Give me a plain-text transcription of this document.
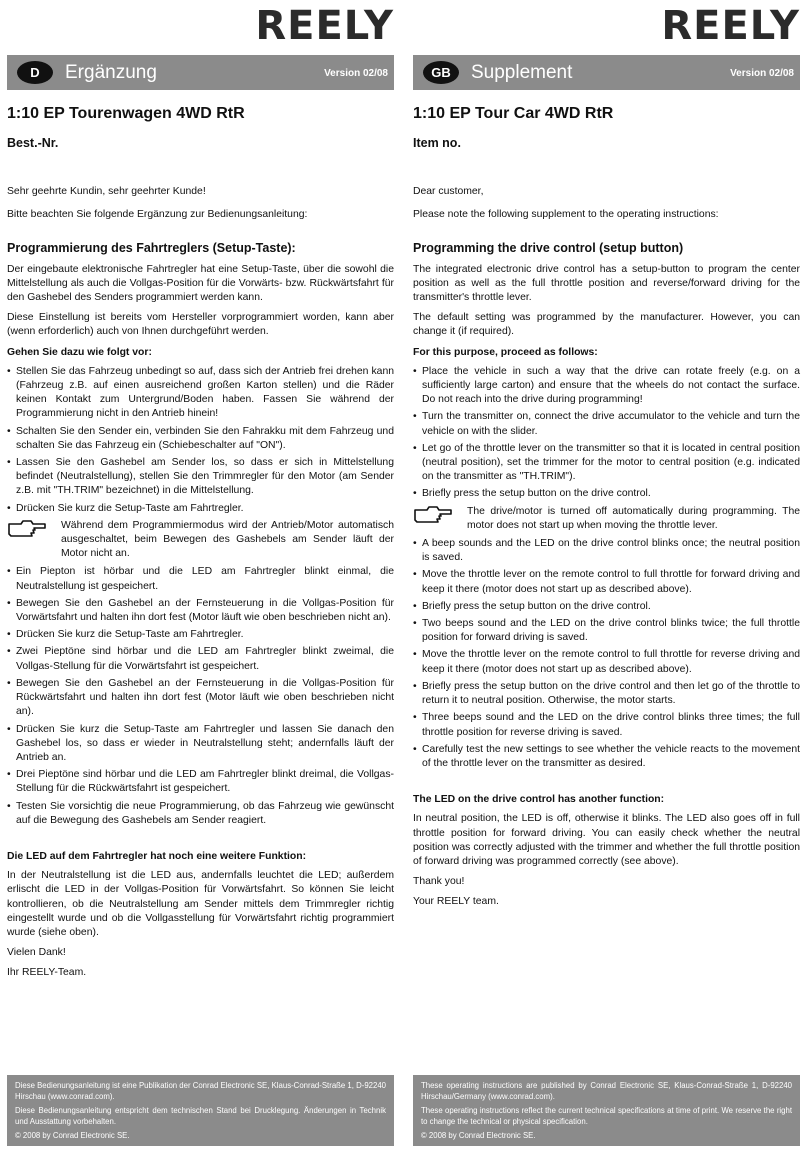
REELY
D	Ergänzung	Version 02/08
1:10 EP Tourenwagen 4WD RtR
Best.-Nr.

Sehr geehrte Kundin, sehr geehrter Kunde!

Bitte beachten Sie folgende Ergänzung zur Bedienungsanleitung:

Programmierung des Fahrtreglers (Setup-Taste):

Der eingebaute elektronische Fahrtregler hat eine Setup-Taste, über die sowohl die Mittelstellung als auch die Vollgas-Position für die Vorwärts- bzw. Rückwärtsfahrt für den Gashebel des Senders programmiert werden kann.

Diese Einstellung ist bereits vom Hersteller vorprogrammiert worden, kann aber (wenn erforderlich) auch von Ihnen durchgeführt werden.

Gehen Sie dazu wie folgt vor:
• Stellen Sie das Fahrzeug unbedingt so auf, dass sich der Antrieb frei drehen kann (Fahrzeug z.B. auf einen ausreichend großen Karton stellen) und die Räder keinen Kontakt zum Untergrund/Boden haben. Fassen Sie während der Programmierung nicht in den Antrieb hinein!
• Schalten Sie den Sender ein, verbinden Sie den Fahrakku mit dem Fahrzeug und schalten Sie das Fahrzeug ein (Schiebeschalter auf "ON").
• Lassen Sie den Gashebel am Sender los, so dass er sich in Mittelstellung befindet (Neutralstellung), stellen Sie den Trimmregler für den Motor (am Sender z.B. mit "TH.TRIM" bezeichnet) in die Mittelstellung.
• Drücken Sie kurz die Setup-Taste am Fahrtregler.
Während dem Programmiermodus wird der Antrieb/Motor automatisch ausgeschaltet, beim Bewegen des Gashebels am Sender läuft der Motor nicht an.
• Ein Piepton ist hörbar und die LED am Fahrtregler blinkt einmal, die Neutralstellung ist gespeichert.
• Bewegen Sie den Gashebel an der Fernsteuerung in die Vollgas-Position für Vorwärtsfahrt und halten ihn dort fest (Motor läuft wie oben beschrieben nicht an).
• Drücken Sie kurz die Setup-Taste am Fahrtregler.
• Zwei Pieptöne sind hörbar und die LED am Fahrtregler blinkt zweimal, die Vollgas-Stellung für die Vorwärtsfahrt ist gespeichert.
• Bewegen Sie den Gashebel an der Fernsteuerung in die Vollgas-Position für Rückwärtsfahrt und halten ihn dort fest (Motor läuft wie oben beschrieben nicht an).
• Drücken Sie kurz die Setup-Taste am Fahrtregler und lassen Sie danach den Gashebel los, so dass er wieder in Neutralstellung steht; andernfalls läuft der Antrieb an.
• Drei Pieptöne sind hörbar und die LED am Fahrtregler blinkt dreimal, die Vollgas-Stellung für die Rückwärtsfahrt ist gespeichert.
• Testen Sie vorsichtig die neue Programmierung, ob das Fahrzeug wie gewünscht auf die Bewegung des Gashebels am Sender reagiert.
Die LED auf dem Fahrtregler hat noch eine weitere Funktion:

In der Neutralstellung ist die LED aus, andernfalls leuchtet die LED; außerdem erlischt die LED in der Vollgas-Position für Vorwärtsfahrt. So können Sie leicht kontrollieren, ob die Neutralstellung am Sender mittels dem Trimmregler richtig eingestellt wurde und ob die Vollgasstellung für Vorwärtsfahrt richtig programmiert wurde (siehe oben).

Vielen Dank!

Ihr REELY-Team.

Diese Bedienungsanleitung ist eine Publikation der Conrad Electronic SE, Klaus-Conrad-Straße 1, D-92240 Hirschau (www.conrad.com).

Diese Bedienungsanleitung entspricht dem technischen Stand bei Drucklegung. Änderungen in Technik und Ausstattung vorbehalten.

© 2008 by Conrad Electronic SE.

REELY
GB	Supplement	Version 02/08
1:10 EP Tour Car 4WD RtR
Item no.

Dear customer,

Please note the following supplement to the operating instructions:

Programming the drive control (setup button)

The integrated electronic drive control has a setup-button to program the center position as well as the full throttle position and reverse/forward driving for the transmitter's throttle lever.

The default setting was programmed by the manufacturer. However, you can change it (if required).

For this purpose, proceed as follows:
• Place the vehicle in such a way that the drive can rotate freely (e.g. on a sufficiently large carton) and ensure that the wheels do not contact the surface. Do not reach into the drive during programming!
• Turn the transmitter on, connect the drive accumulator to the vehicle and turn the vehicle on with the slider.
• Let go of the throttle lever on the transmitter so that it is located in central position (neutral position), set the trimmer for the motor to central position (e.g. indicated on the transmitter as "TH.TRIM").
• Briefly press the setup button on the drive control.
The drive/motor is turned off automatically during programming. The motor does not start up when moving the throttle lever.
• A beep sounds and the LED on the drive control blinks once; the neutral position is saved.
• Move the throttle lever on the remote control to full throttle for forward driving and keep it there (motor does not start up as described above).
• Briefly press the setup button on the drive control.
• Two beeps sound and the LED on the drive control blinks twice; the full throttle position for forward driving is saved.
• Move the throttle lever on the remote control to full throttle for reverse driving and keep it there (motor does not start up as described above).
• Briefly press the setup button on the drive control and then let go of the throttle to return it to neutral position. Otherwise, the motor starts.
• Three beeps sound and the LED on the drive control blinks three times; the full throttle position for reverse driving is saved.
• Carefully test the new settings to see whether the vehicle reacts to the movement of the throttle lever on the transmitter as desired.
The LED on the drive control has another function:

In neutral position, the LED is off, otherwise it blinks. The LED also goes off in full throttle position for forward driving. You can easily check whether the neutral position was correctly adjusted with the trimmer and whether the full throttle position of forward driving was programmed correctly (see above).

Thank you!

Your REELY team.

These operating instructions are published by Conrad Electronic SE, Klaus-Conrad-Straße 1, D-92240 Hirschau/Germany (www.conrad.com).

These operating instructions reflect the current technical specifications at time of print. We reserve the right to change the technical or physical specification.

© 2008 by Conrad Electronic SE.
